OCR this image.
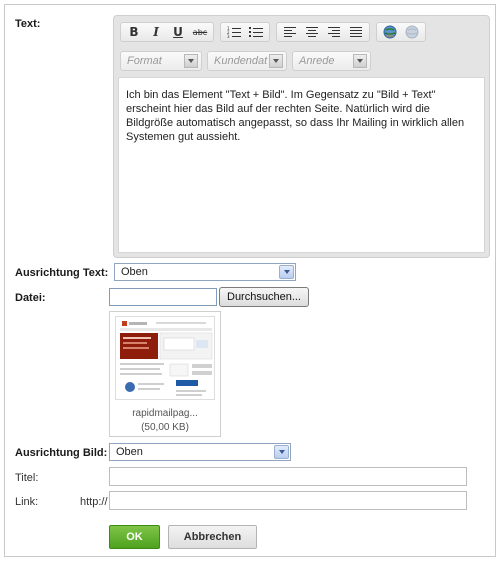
Text:
B	I	U	abc	1
2
3
Format	Kundendat	Anrede
Ich bin das Element "Text + Bild". Im Gegensatz zu "Bild + Text" erscheint hier das Bild auf der rechten Seite. Natürlich wird die Bildgröße automatisch angepasst, so dass Ihr Mailing in wirklich allen Systemen gut aussieht.
Ausrichtung Text:	Oben
Datei:	Durchsuchen...
rapidmailpag...
(50,00 KB)
Ausrichtung Bild: Oben
Titel:
Link:	http://
OK	Abbrechen
